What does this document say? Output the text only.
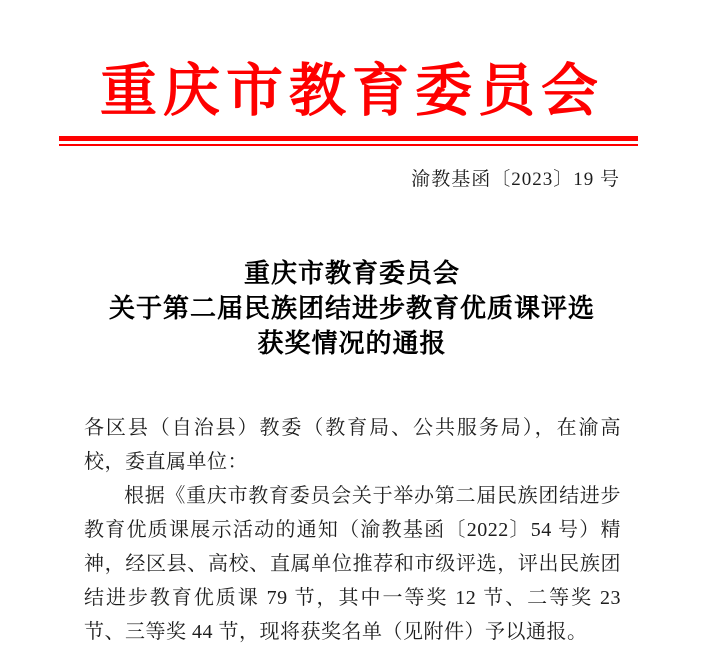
重庆市教育委员会
渝教基函〔2023〕19 号
重庆市教育委员会
关于第二届民族团结进步教育优质课评选
获奖情况的通报

各区县（自治县）教委（教育局、公共服务局），在渝高校，委直属单位：

根据《重庆市教育委员会关于举办第二届民族团结进步教育优质课展示活动的通知（渝教基函〔2022〕54 号）精神，经区县、高校、直属单位推荐和市级评选，评出民族团结进步教育优质课 79 节，其中一等奖 12 节、二等奖 23 节、三等奖 44 节，现将获奖名单（见附件）予以通报。
